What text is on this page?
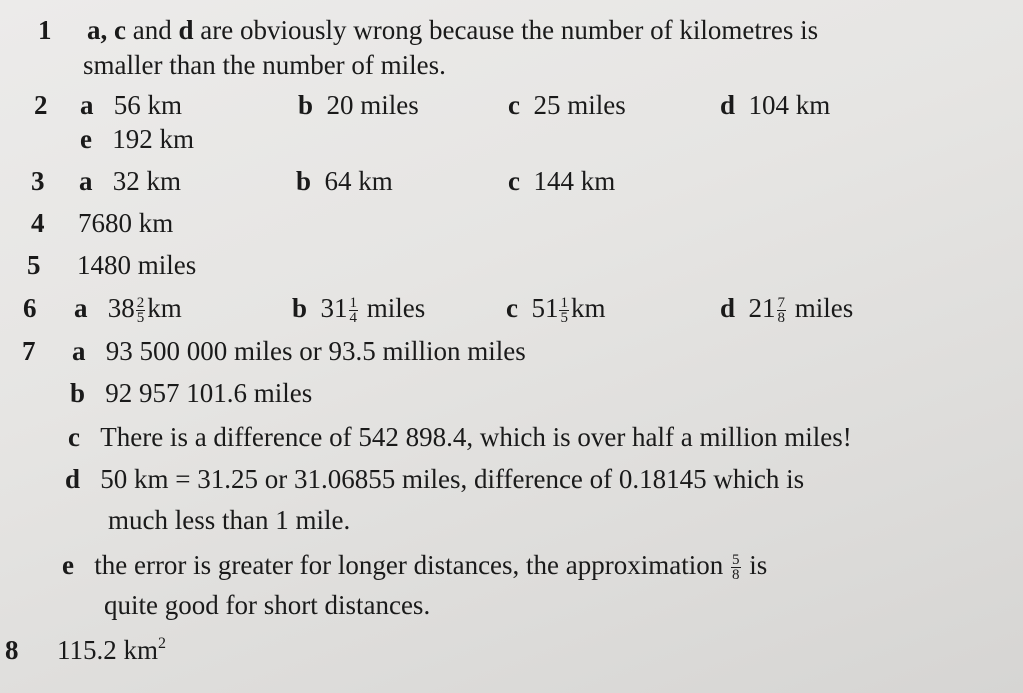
1 a, c and d are obviously wrong because the number of kilometres is
smaller than the number of miles.
2 a 56 km	b 20 miles	c 25 miles	d 104 km
e 192 km
3 a 32 km	b 64 km	c 144 km
4 7680 km
5 1480 miles
6 a $38 \frac{2}{5}$ km	b $31 \frac{1}{4}$ miles	c $51 \frac{1}{5}$ km	d $21 \frac{7}{8}$ miles
7 a 93 500 000 miles or 93.5 million miles
b 92 957 101.6 miles
c There is a difference of 542 898.4, which is over half a million miles!
d 50 km = 31.25 or 31.06855 miles, difference of 0.18145 which is
much less than 1 mile.
e the error is greater for longer distances, the approximation $\frac{5}{8}$ is
quite good for short distances.
8 115.2 $km^2$
